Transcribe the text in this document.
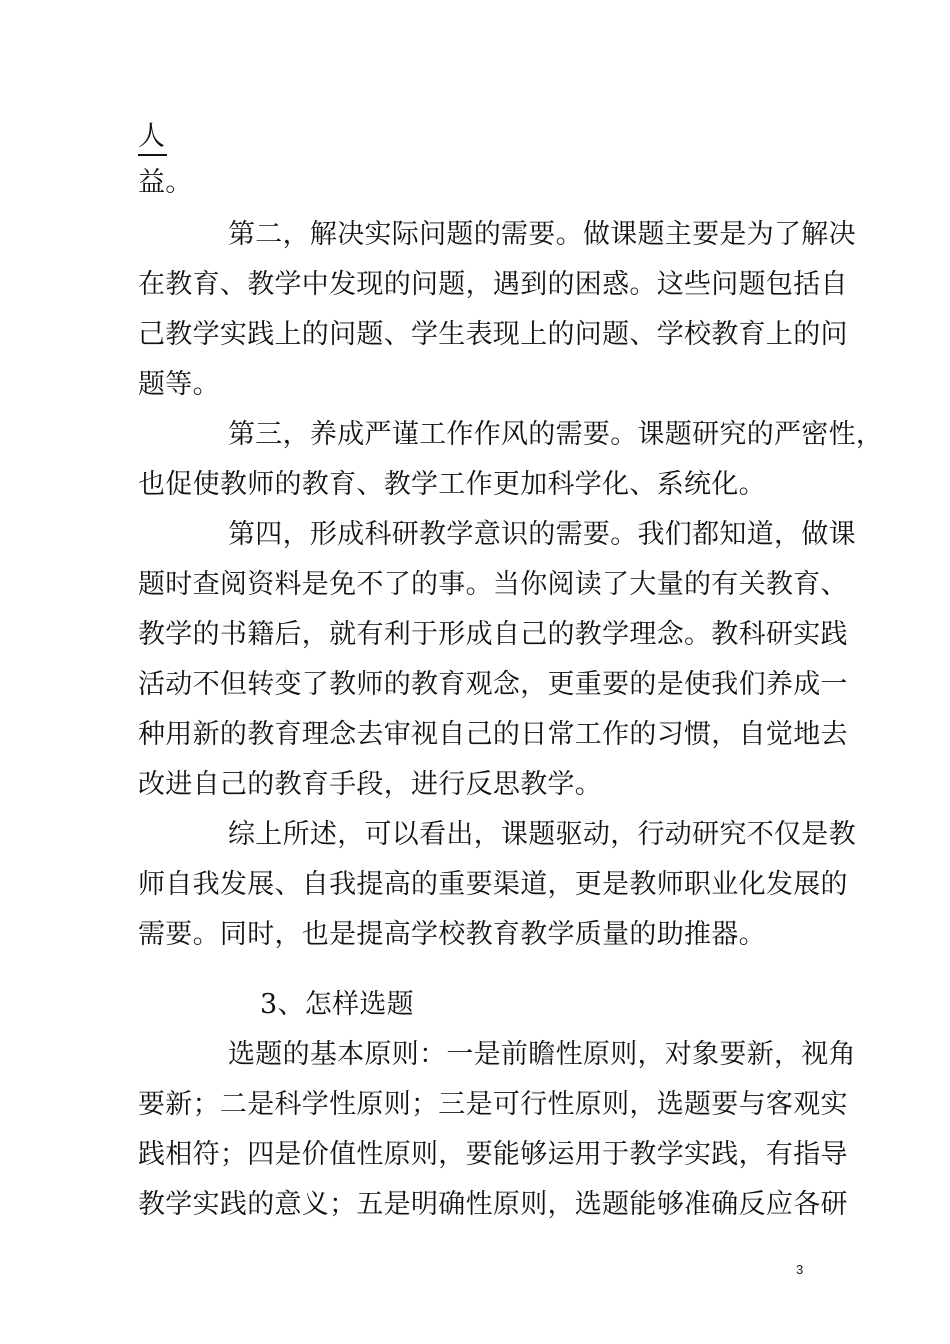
人

益。

第二，解决实际问题的需要。做课题主要是为了解决

在教育、教学中发现的问题，遇到的困惑。这些问题包括自

己教学实践上的问题、学生表现上的问题、学校教育上的问

题等。

第三，养成严谨工作作风的需要。课题研究的严密性，

也促使教师的教育、教学工作更加科学化、系统化。

第四，形成科研教学意识的需要。我们都知道，做课

题时查阅资料是免不了的事。当你阅读了大量的有关教育、

教学的书籍后，就有利于形成自己的教学理念。教科研实践

活动不但转变了教师的教育观念，更重要的是使我们养成一

种用新的教育理念去审视自己的日常工作的习惯，自觉地去

改进自己的教育手段，进行反思教学。

综上所述，可以看出，课题驱动，行动研究不仅是教

师自我发展、自我提高的重要渠道，更是教师职业化发展的

需要。同时，也是提高学校教育教学质量的助推器。

3、怎样选题

选题的基本原则：一是前瞻性原则，对象要新，视角

要新；二是科学性原则；三是可行性原则，选题要与客观实

践相符；四是价值性原则，要能够运用于教学实践，有指导

教学实践的意义；五是明确性原则，选题能够准确反应各研

3
